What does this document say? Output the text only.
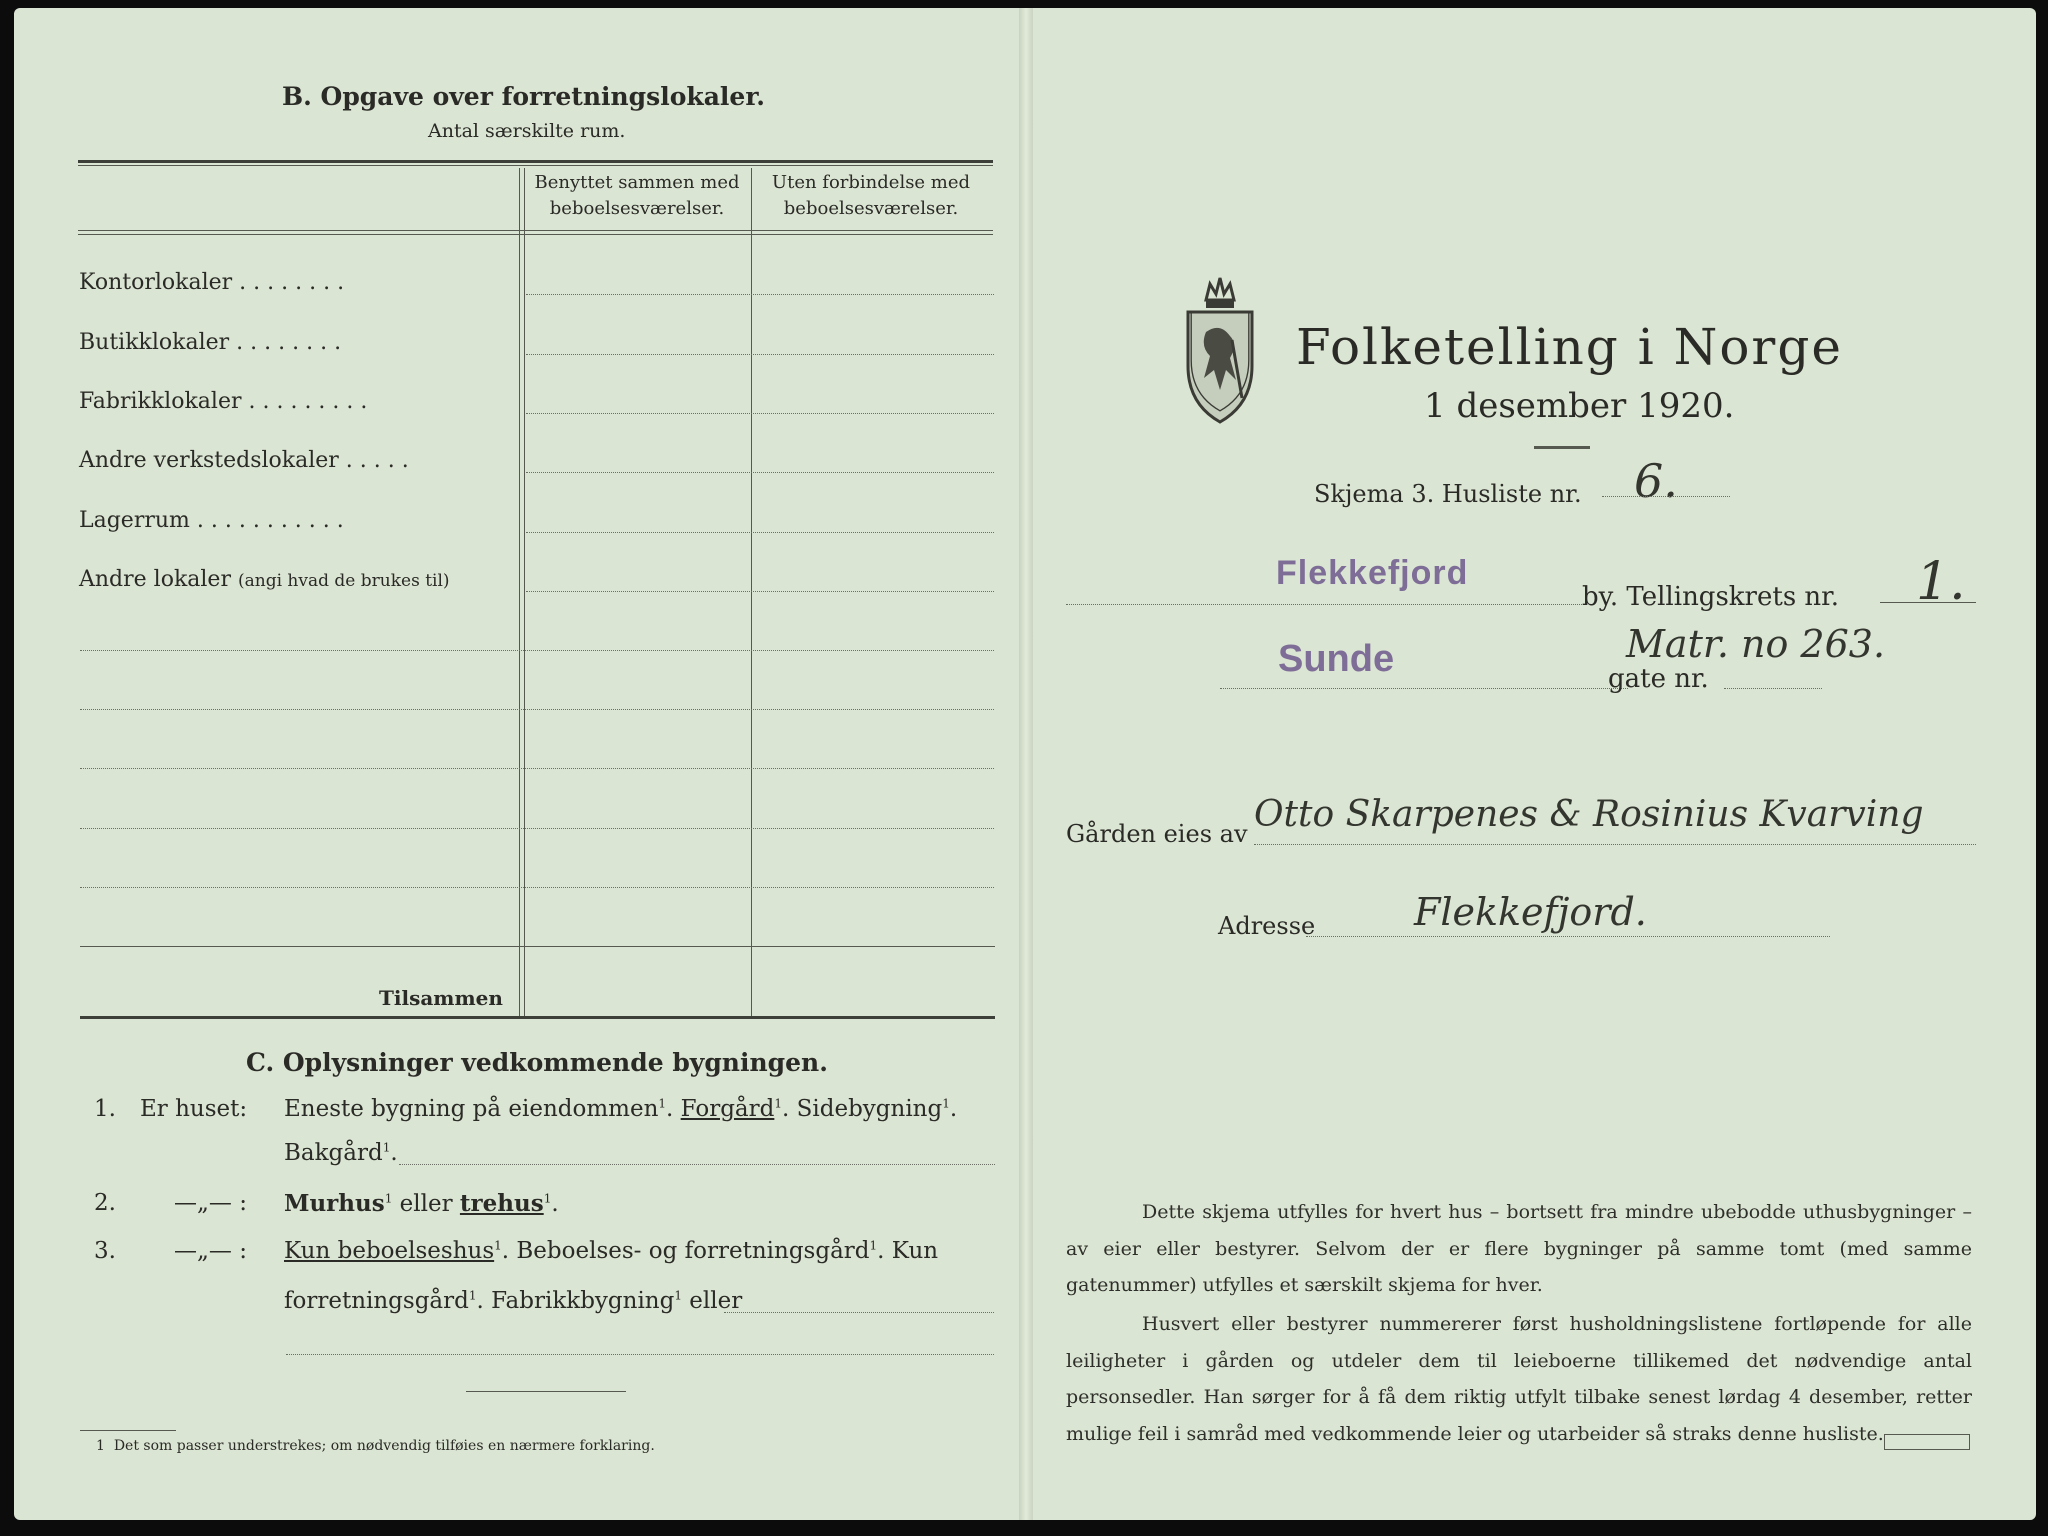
B. Opgave over forretningslokaler.
Antal særskilte rum.
Benyttet sammen med beboelsesværelser.
Uten forbindelse med beboelsesværelser.
Kontorlokaler . . . . . . . .
Butikklokaler . . . . . . . .
Fabrikklokaler . . . . . . . . .
Andre verkstedslokaler . . . . .
Lagerrum . . . . . . . . . . .
Andre lokaler (angi hvad de brukes til)
Tilsammen
C. Oplysninger vedkommende bygningen.
1. Er huset: Eneste bygning på eiendommen$^1$. Forgård$^1$. Sidebygning$^1$.
Bakgård$^1$.
2.	—„— : Murhus$^1$ eller trehus$^1$.
3.	—„— : Kun beboelseshus$^1$. Beboelses- og forretningsgård$^1$. Kun
forretningsgård$^1$. Fabrikkbygning$^1$ eller
1 Det som passer understrekes; om nødvendig tilføies en nærmere forklaring.
Folketelling i Norge
1 desember 1920.
Skjema 3. Husliste nr. 6.
Flekkefjord
by. Tellingskrets nr. 1.
Sunde	Matr. no 263.
gate nr.
Gården eies av Otto Skarpenes & Rosinius Kvarving
Adresse	Flekkefjord.
Dette skjema utfylles for hvert hus – bortsett fra mindre ubebodde uthusbygninger – av eier eller bestyrer. Selvom der er flere bygninger på samme tomt (med samme gatenummer) utfylles et særskilt skjema for hver.
Husvert eller bestyrer nummererer først husholdningslistene fortløpende for alle leiligheter i gården og utdeler dem til leieboerne tillikemed det nødvendige antal personsedler. Han sørger for å få dem riktig utfylt tilbake senest lørdag 4 desember, retter mulige feil i samråd med vedkommende leier og utarbeider så straks denne husliste.
